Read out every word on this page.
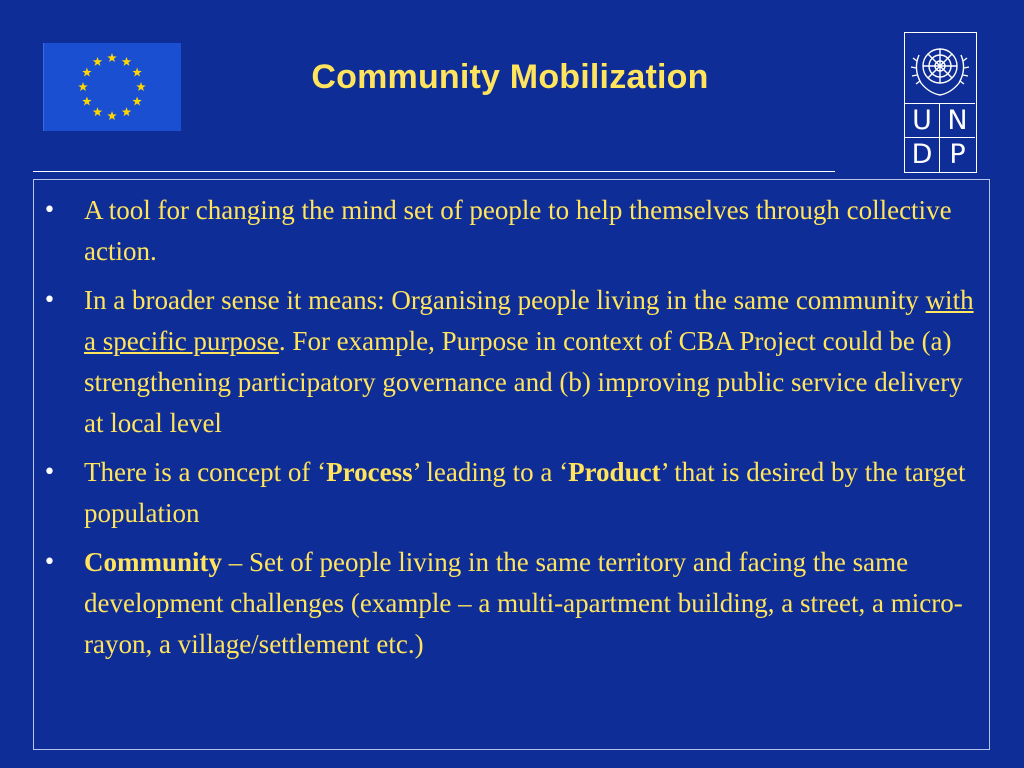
Community Mobilization
U N
D P
• A tool for changing the mind set of people to help themselves through collective action.
• In a broader sense it means: Organising people living in the same community with a specific purpose. For example, Purpose in context of CBA Project could be (a) strengthening participatory governance and (b) improving public service delivery at local level
• There is a concept of ‘Process’ leading to a ‘Product’ that is desired by the target population
• Community – Set of people living in the same territory and facing the same development challenges (example – a multi-apartment building, a street, a micro-rayon, a village/settlement etc.)
